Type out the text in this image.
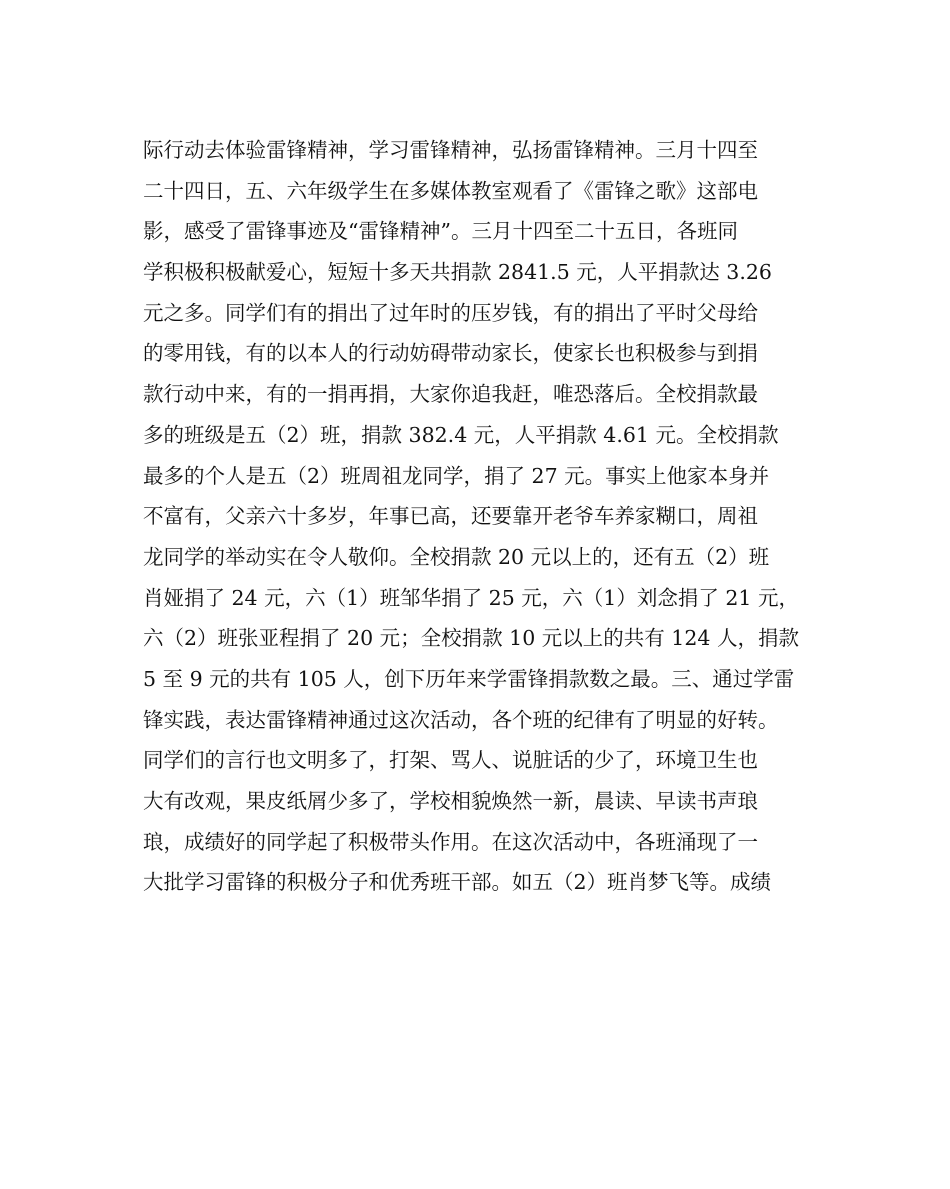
际行动去体验雷锋精神，学习雷锋精神，弘扬雷锋精神。三月十四至
二十四日，五、六年级学生在多媒体教室观看了《雷锋之歌》这部电
影，感受了雷锋事迹及“雷锋精神”。三月十四至二十五日，各班同
学积极积极献爱心，短短十多天共捐款 2841.5 元，人平捐款达 3.26
元之多。同学们有的捐出了过年时的压岁钱，有的捐出了平时父母给
的零用钱，有的以本人的行动妨碍带动家长，使家长也积极参与到捐
款行动中来，有的一捐再捐，大家你追我赶，唯恐落后。全校捐款最
多的班级是五（2）班，捐款 382.4 元，人平捐款 4.61 元。全校捐款
最多的个人是五（2）班周祖龙同学，捐了 27 元。事实上他家本身并
不富有，父亲六十多岁，年事已高，还要靠开老爷车养家糊口，周祖
龙同学的举动实在令人敬仰。全校捐款 20 元以上的，还有五（2）班
肖娅捐了 24 元，六（1）班邹华捐了 25 元，六（1）刘念捐了 21 元，
六（2）班张亚程捐了 20 元；全校捐款 10 元以上的共有 124 人，捐款
5 至 9 元的共有 105 人，创下历年来学雷锋捐款数之最。三、通过学雷
锋实践，表达雷锋精神通过这次活动，各个班的纪律有了明显的好转。
同学们的言行也文明多了，打架、骂人、说脏话的少了，环境卫生也
大有改观，果皮纸屑少多了，学校相貌焕然一新，晨读、早读书声琅
琅，成绩好的同学起了积极带头作用。在这次活动中，各班涌现了一
大批学习雷锋的积极分子和优秀班干部。如五（2）班肖梦飞等。成绩
